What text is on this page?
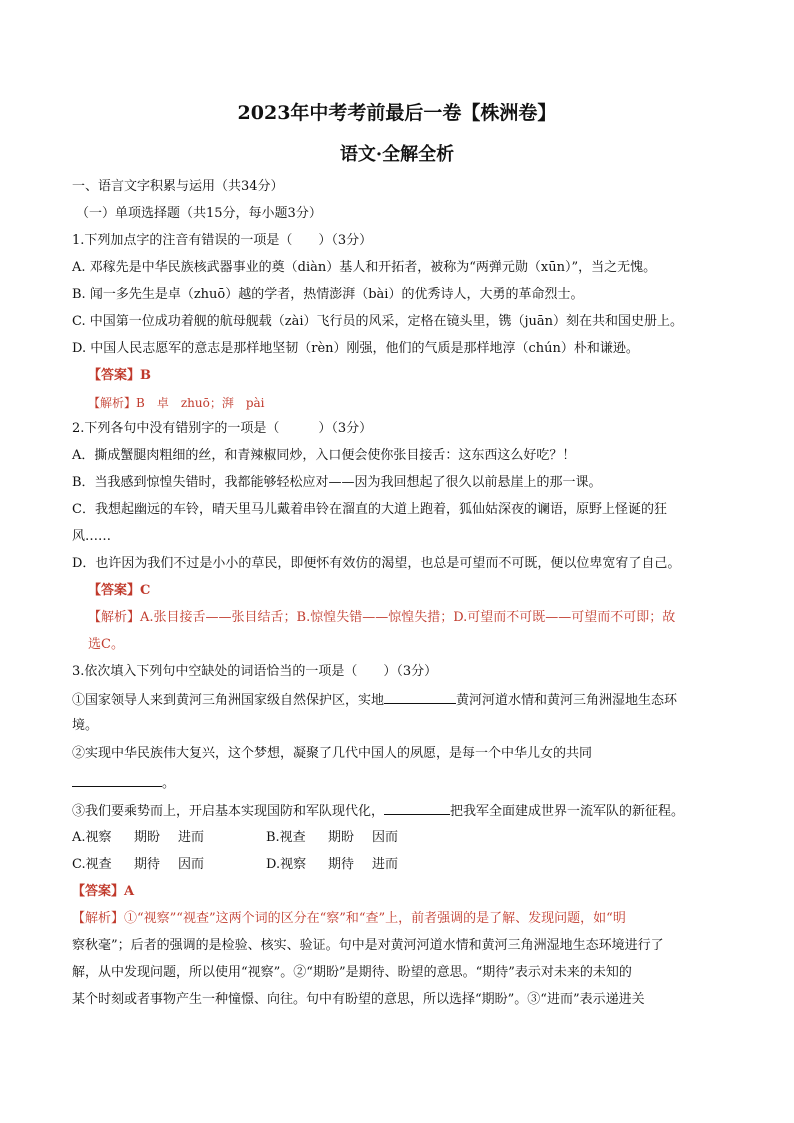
2023年中考考前最后一卷【株洲卷】
语文·全解全析
一、语言文字积累与运用（共34分）
（一）单项选择题（共15分，每小题3分）
1.下列加点字的注音有错误的一项是（　　）（3分）
A. 邓稼先是中华民族核武器事业的奠（diàn）基人和开拓者，被称为“两弹元勋（xūn）”，当之无愧。
B. 闻一多先生是卓（zhuō）越的学者，热情澎湃（bài）的优秀诗人，大勇的革命烈士。
C. 中国第一位成功着舰的航母舰载（zài）飞行员的风采，定格在镜头里，镌（juān）刻在共和国史册上。
D. 中国人民志愿军的意志是那样地坚韧（rèn）刚强，他们的气质是那样地淳（chún）朴和谦逊。
【答案】B
【解析】B　卓　zhuō；湃　pài
2.下列各句中没有错别字的一项是（　　　）（3分）
A．撕成蟹腿肉粗细的丝，和青辣椒同炒，入口便会使你张目接舌：这东西这么好吃？！
B．当我感到惊惶失错时，我都能够轻松应对——因为我回想起了很久以前悬崖上的那一课。
C．我想起幽远的车铃，晴天里马儿戴着串铃在溜直的大道上跑着，狐仙姑深夜的谰语，原野上怪诞的狂
风……
D．也许因为我们不过是小小的草民，即便怀有效仿的渴望，也总是可望而不可既，便以位卑宽宥了自己。
【答案】C
【解析】A.张目接舌——张目结舌；B.惊惶失错——惊惶失措；D.可望而不可既——可望而不可即；故
选C。
3.依次填入下列句中空缺处的词语恰当的一项是（　　）（3分）
①国家领导人来到黄河三角洲国家级自然保护区，实地	黄河河道水情和黄河三角洲湿地生态环
境。
②实现中华民族伟大复兴，这个梦想，凝聚了几代中国人的夙愿，是每一个中华儿女的共同
。
③我们要乘势而上，开启基本实现国防和军队现代化，	把我军全面建成世界一流军队的新征程。
A.视察 期盼 进而	B.视查 期盼 因而
C.视查 期待 因而	D.视察 期待 进而
【答案】A
【解析】①“视察”“视查”这两个词的区分在“察”和“查”上，前者强调的是了解、发现问题，如“明
察秋毫”；后者的强调的是检验、核实、验证。句中是对黄河河道水情和黄河三角洲湿地生态环境进行了
解，从中发现问题，所以使用“视察”。②“期盼”是期待、盼望的意思。“期待”表示对未来的未知的
某个时刻或者事物产生一种憧憬、向往。句中有盼望的意思，所以选择“期盼”。③“进而”表示递进关
